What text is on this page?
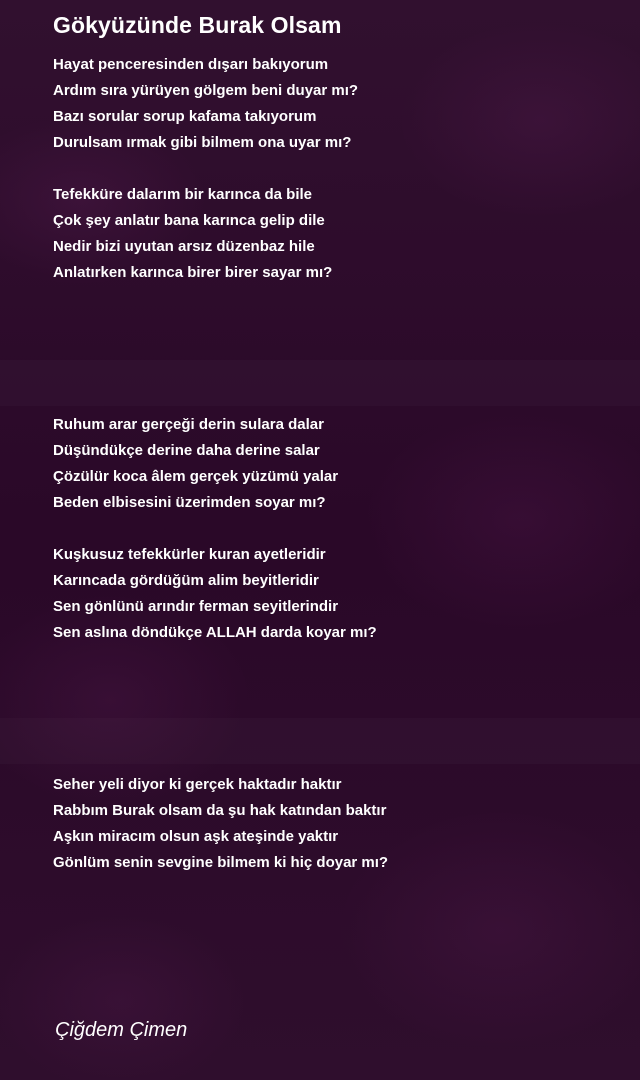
Gökyüzünde Burak Olsam
Hayat penceresinden dışarı bakıyorum
Ardım sıra yürüyen gölgem beni duyar mı?
Bazı sorular sorup kafama takıyorum
Durulsam ırmak gibi bilmem ona uyar mı?
Tefekküre dalarım bir karınca da bile
Çok şey anlatır bana karınca gelip dile
Nedir bizi uyutan arsız düzenbaz hile
Anlatırken karınca birer birer sayar mı?
Ruhum arar gerçeği derin sulara dalar
Düşündükçe derine daha derine salar
Çözülür koca âlem gerçek yüzümü yalar
Beden elbisesini üzerimden soyar mı?
Kuşkusuz tefekkürler kuran ayetleridir
Karıncada gördüğüm alim beyitleridir
Sen gönlünü arındır ferman seyitlerindir
Sen aslına döndükçe ALLAH darda koyar mı?
Seher yeli diyor ki gerçek haktadır haktır
Rabbım Burak olsam da şu hak katından baktır
Aşkın miracım olsun aşk ateşinde yaktır
Gönlüm senin sevgine bilmem ki hiç doyar mı?

Çiğdem Çimen
